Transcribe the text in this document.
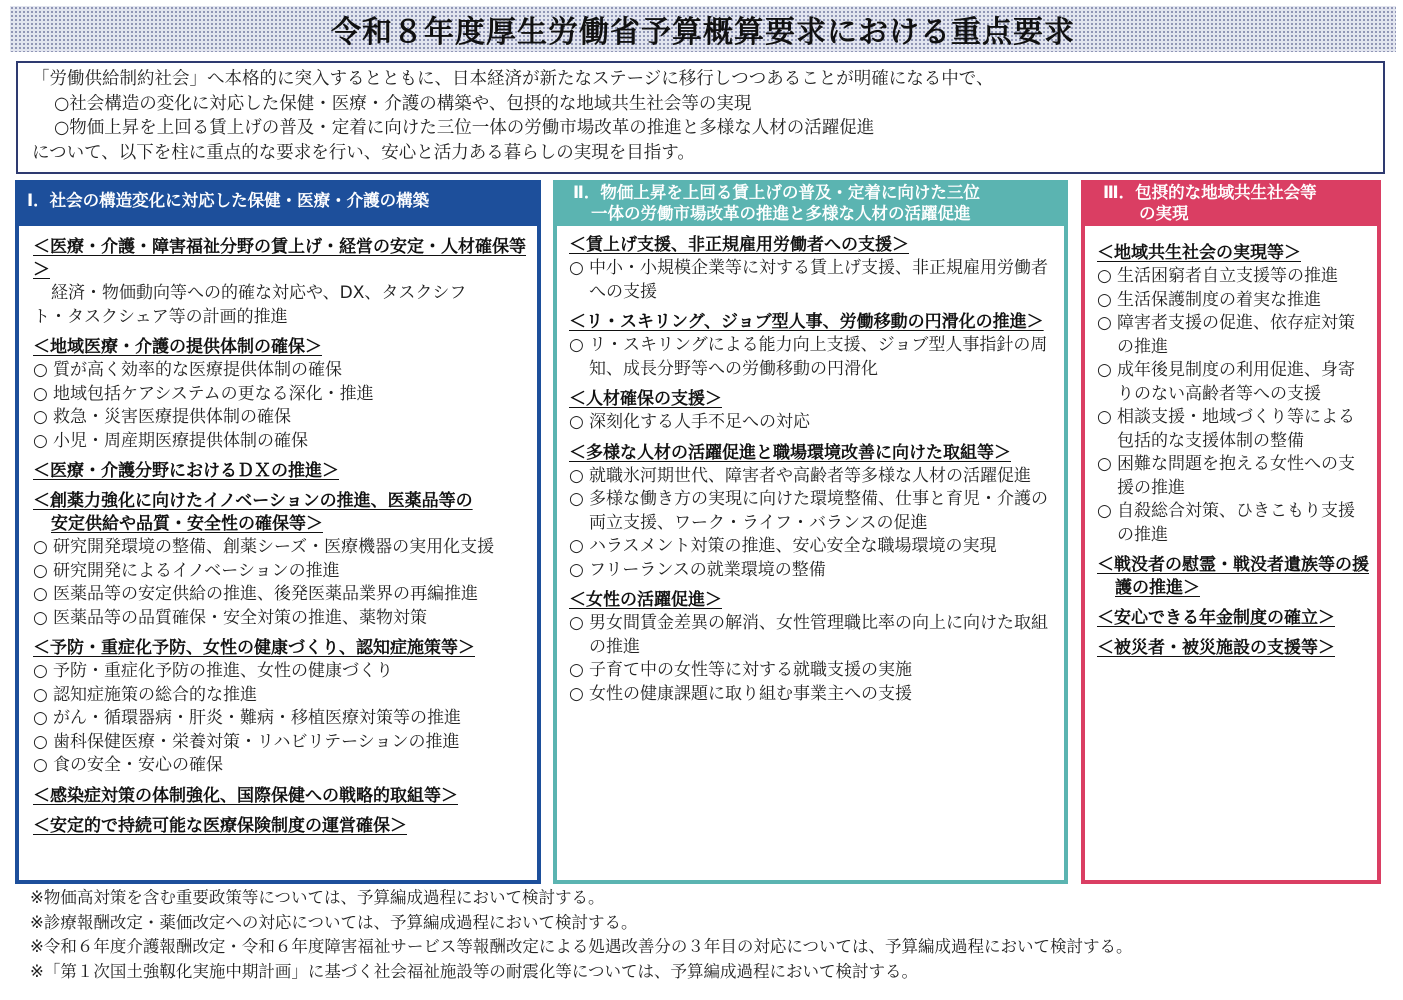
令和８年度厚生労働省予算概算要求における重点要求

「労働供給制約社会」へ本格的に突入するとともに、日本経済が新たなステージに移行しつつあることが明確になる中で、

○社会構造の変化に対応した保健・医療・介護の構築や、包摂的な地域共生社会等の実現

○物価上昇を上回る賃上げの普及・定着に向けた三位一体の労働市場改革の推進と多様な人材の活躍促進

について、以下を柱に重点的な要求を行い、安心と活力ある暮らしの実現を目指す。

Ⅰ．社会の構造変化に対応した保健・医療・介護の構築

＜医療・介護・障害福祉分野の賃上げ・経営の安定・人材確保等＞

経済・物価動向等への的確な対応や、DX、タスクシフ
ト・タスクシェア等の計画的推進

＜地域医療・介護の提供体制の確保＞

○ 質が高く効率的な医療提供体制の確保

○ 地域包括ケアシステムの更なる深化・推進

○ 救急・災害医療提供体制の確保

○ 小児・周産期医療提供体制の確保

＜医療・介護分野におけるＤＸの推進＞

＜創薬力強化に向けたイノベーションの推進、医薬品等の
安定供給や品質・安全性の確保等＞

○ 研究開発環境の整備、創薬シーズ・医療機器の実用化支援

○ 研究開発によるイノベーションの推進

○ 医薬品等の安定供給の推進、後発医薬品業界の再編推進

○ 医薬品等の品質確保・安全対策の推進、薬物対策

＜予防・重症化予防、女性の健康づくり、認知症施策等＞

○ 予防・重症化予防の推進、女性の健康づくり

○ 認知症施策の総合的な推進

○ がん・循環器病・肝炎・難病・移植医療対策等の推進

○ 歯科保健医療・栄養対策・リハビリテーションの推進

○ 食の安全・安心の確保

＜感染症対策の体制強化、国際保健への戦略的取組等＞

＜安定的で持続可能な医療保険制度の運営確保＞

Ⅱ．物価上昇を上回る賃上げの普及・定着に向けた三位
一体の労働市場改革の推進と多様な人材の活躍促進

＜賃上げ支援、非正規雇用労働者への支援＞

○ 中小・小規模企業等に対する賃上げ支援、非正規雇用労働者への支援

＜リ・スキリング、ジョブ型人事、労働移動の円滑化の推進＞

○ リ・スキリングによる能力向上支援、ジョブ型人事指針の周知、成長分野等への労働移動の円滑化

＜人材確保の支援＞

○ 深刻化する人手不足への対応

＜多様な人材の活躍促進と職場環境改善に向けた取組等＞

○ 就職氷河期世代、障害者や高齢者等多様な人材の活躍促進

○ 多様な働き方の実現に向けた環境整備、仕事と育児・介護の両立支援、ワーク・ライフ・バランスの促進

○ ハラスメント対策の推進、安心安全な職場環境の実現

○ フリーランスの就業環境の整備

＜女性の活躍促進＞

○ 男女間賃金差異の解消、女性管理職比率の向上に向けた取組の推進

○ 子育て中の女性等に対する就職支援の実施

○ 女性の健康課題に取り組む事業主への支援

Ⅲ．包摂的な地域共生社会等
の実現

＜地域共生社会の実現等＞

○ 生活困窮者自立支援等の推進

○ 生活保護制度の着実な推進

○ 障害者支援の促進、依存症対策の推進

○ 成年後見制度の利用促進、身寄りのない高齢者等への支援

○ 相談支援・地域づくり等による包括的な支援体制の整備

○ 困難な問題を抱える女性への支援の推進

○ 自殺総合対策、ひきこもり支援の推進

＜戦没者の慰霊・戦没者遺族等の援護の推進＞

＜安心できる年金制度の確立＞

＜被災者・被災施設の支援等＞

※物価高対策を含む重要政策等については、予算編成過程において検討する。

※診療報酬改定・薬価改定への対応については、予算編成過程において検討する。

※令和６年度介護報酬改定・令和６年度障害福祉サービス等報酬改定による処遇改善分の３年目の対応については、予算編成過程において検討する。

※「第１次国土強靱化実施中期計画」に基づく社会福祉施設等の耐震化等については、予算編成過程において検討する。
